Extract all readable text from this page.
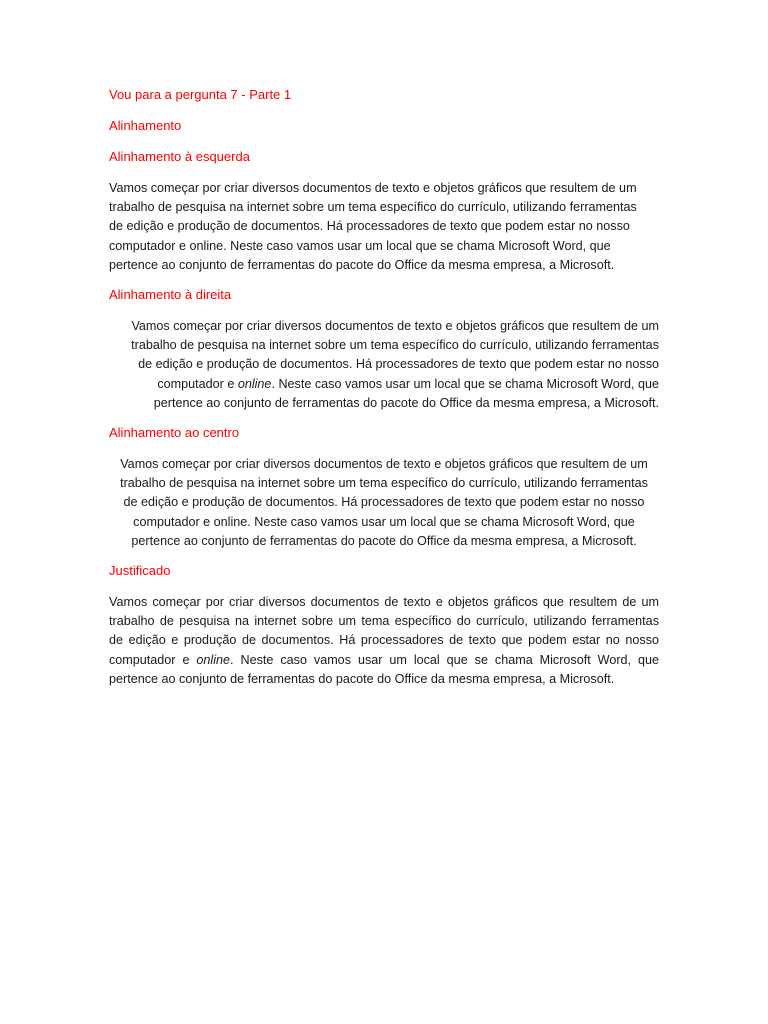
Vou para a pergunta 7 - Parte 1

Alinhamento

Alinhamento à esquerda

Vamos começar por criar diversos documentos de texto e objetos gráficos que resultem de um
trabalho de pesquisa na internet sobre um tema específico do currículo, utilizando ferramentas
de edição e produção de documentos. Há processadores de texto que podem estar no nosso
computador e online. Neste caso vamos usar um local que se chama Microsoft Word, que
pertence ao conjunto de ferramentas do pacote do Office da mesma empresa, a Microsoft.

Alinhamento à direita

Vamos começar por criar diversos documentos de texto e objetos gráficos que resultem de um
trabalho de pesquisa na internet sobre um tema específico do currículo, utilizando ferramentas
de edição e produção de documentos. Há processadores de texto que podem estar no nosso
computador e online. Neste caso vamos usar um local que se chama Microsoft Word, que
pertence ao conjunto de ferramentas do pacote do Office da mesma empresa, a Microsoft.

Alinhamento ao centro

Vamos começar por criar diversos documentos de texto e objetos gráficos que resultem de um
trabalho de pesquisa na internet sobre um tema específico do currículo, utilizando ferramentas
de edição e produção de documentos. Há processadores de texto que podem estar no nosso
computador e online. Neste caso vamos usar um local que se chama Microsoft Word, que
pertence ao conjunto de ferramentas do pacote do Office da mesma empresa, a Microsoft.

Justificado

Vamos começar por criar diversos documentos de texto e objetos gráficos que resultem de um
trabalho de pesquisa na internet sobre um tema específico do currículo, utilizando ferramentas
de edição e produção de documentos. Há processadores de texto que podem estar no nosso
computador e online. Neste caso vamos usar um local que se chama Microsoft Word, que
pertence ao conjunto de ferramentas do pacote do Office da mesma empresa, a Microsoft.
